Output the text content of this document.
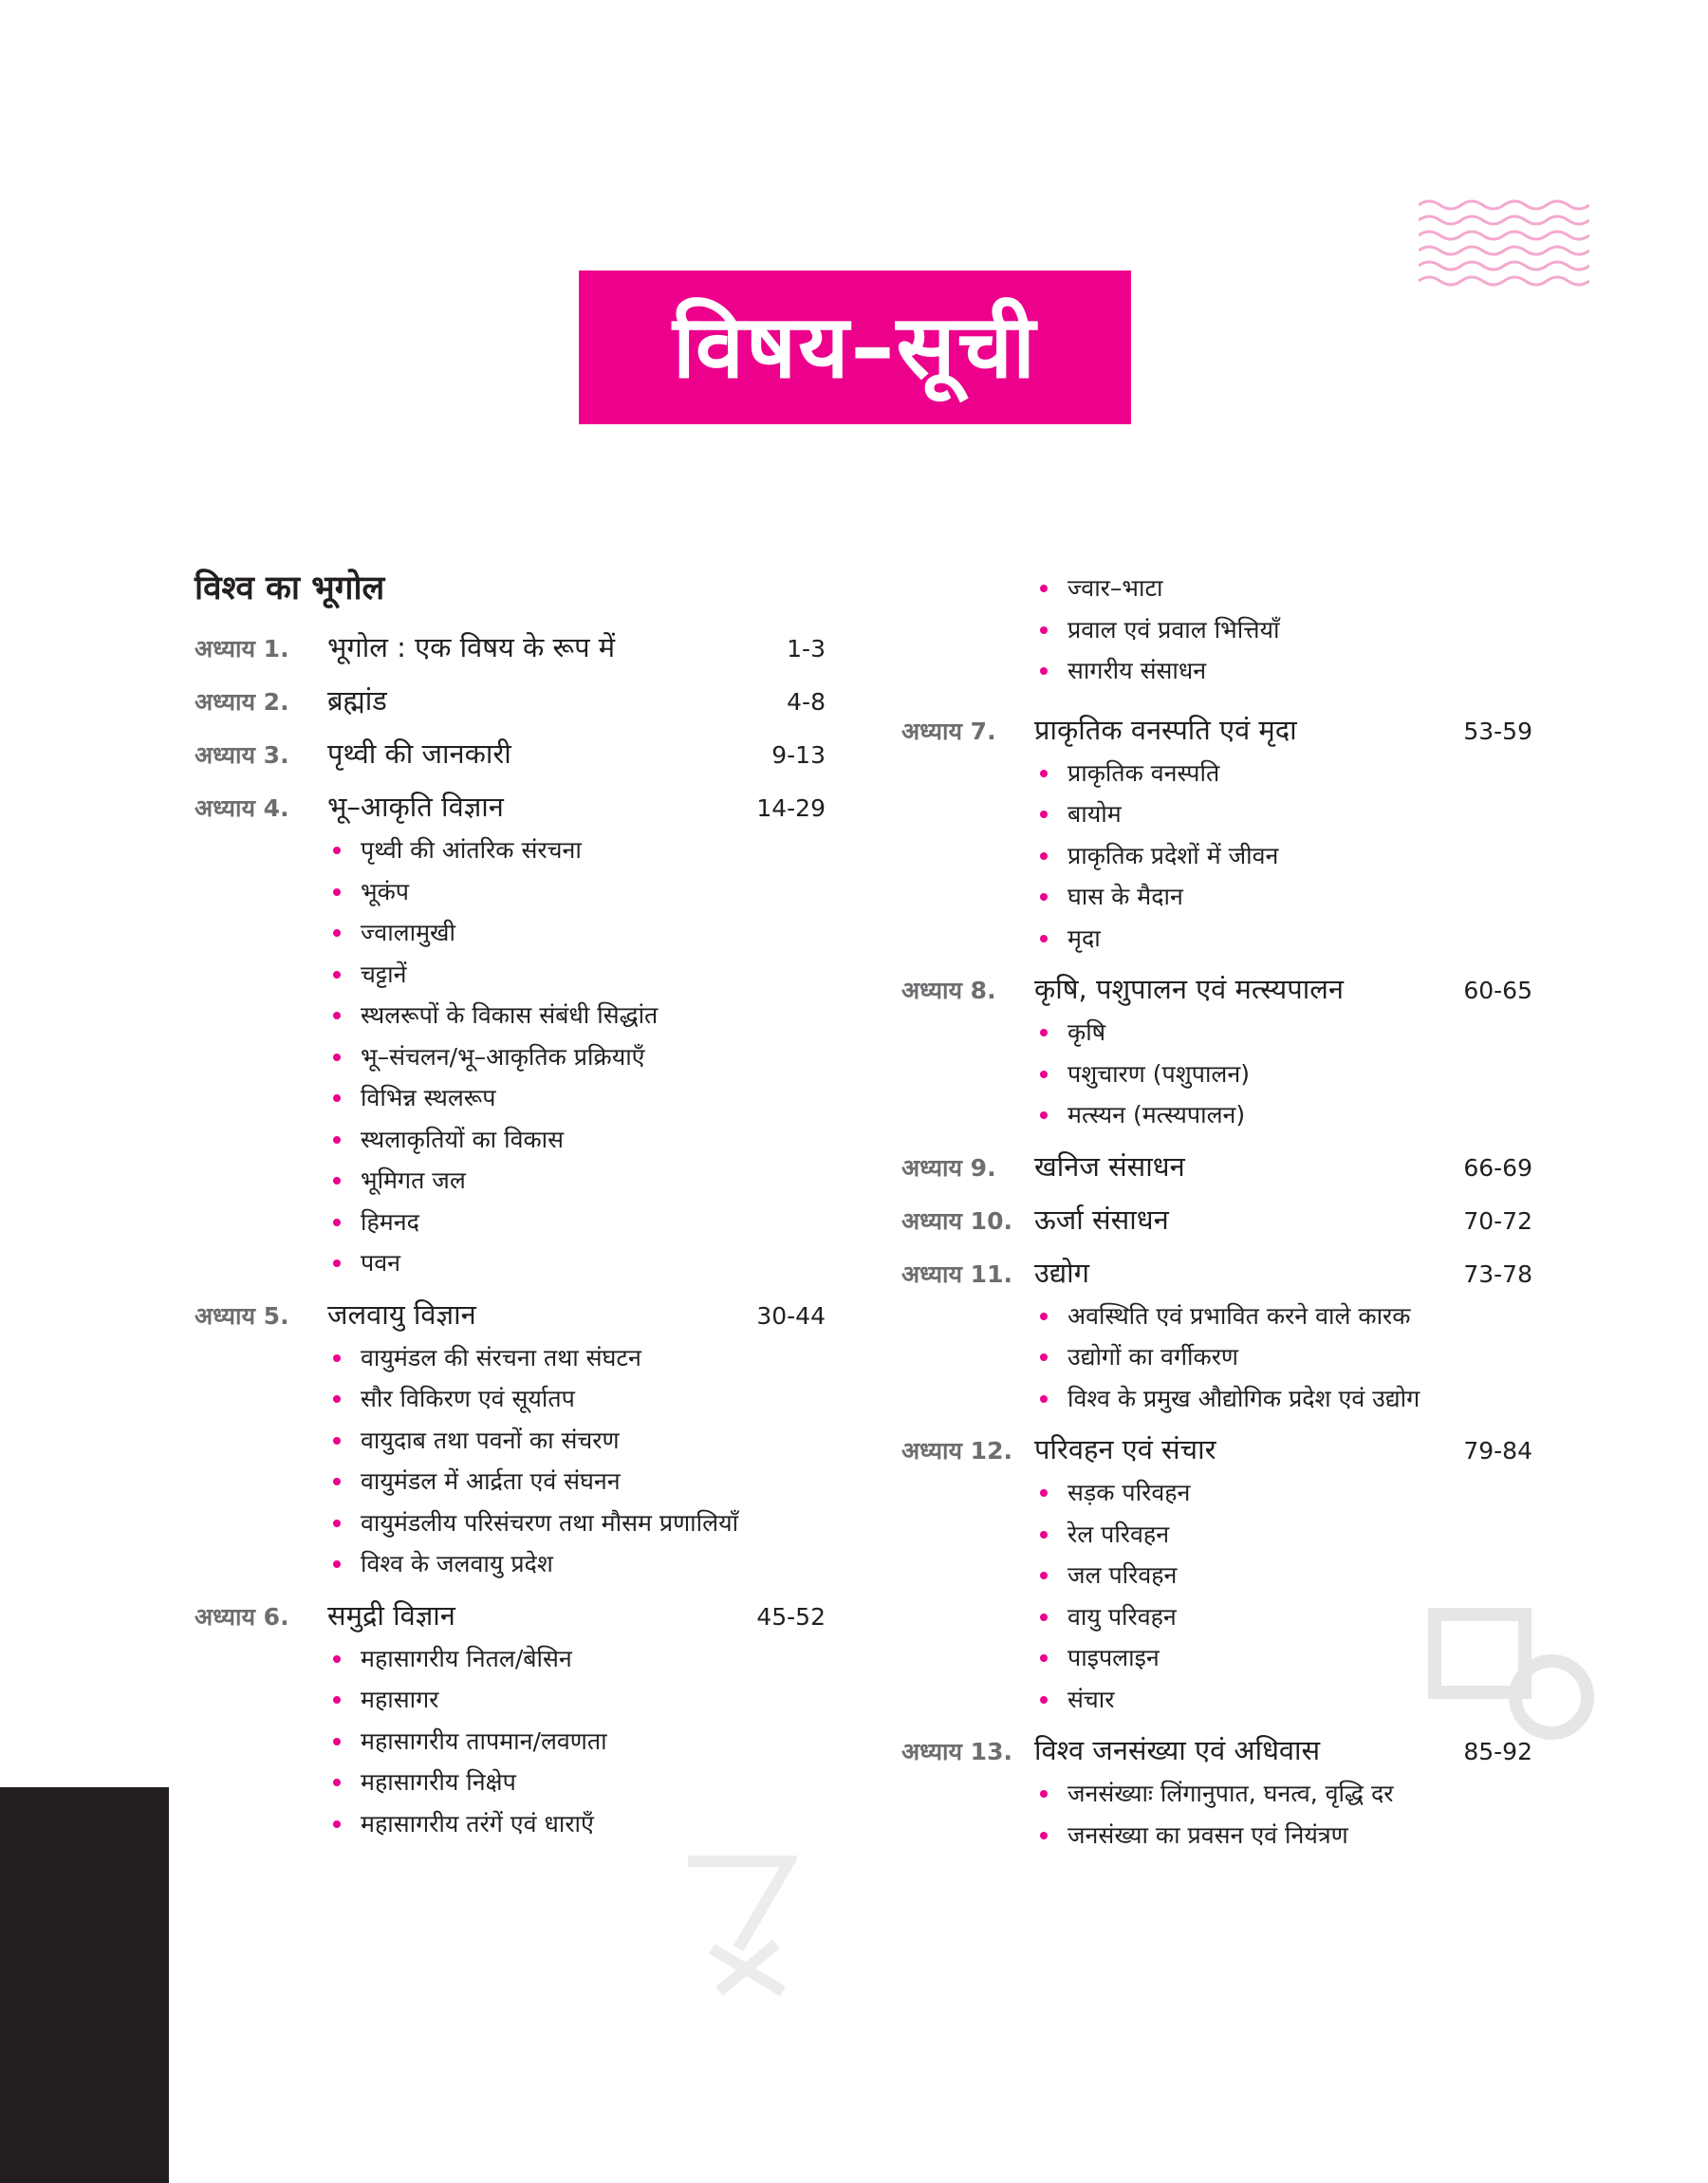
विषय–सूची
विश्व का भूगोल
अध्याय 1.	भूगोल : एक विषय के रूप में	1-3
अध्याय 2.	ब्रह्मांड	4-8
अध्याय 3.	पृथ्वी की जानकारी	9-13
अध्याय 4.	भू–आकृति विज्ञान	14-29
पृथ्वी की आंतरिक संरचना
भूकंप
ज्वालामुखी
चट्टानें
स्थलरूपों के विकास संबंधी सिद्धांत
भू–संचलन/भू–आकृतिक प्रक्रियाएँ
विभिन्न स्थलरूप
स्थलाकृतियों का विकास
भूमिगत जल
हिमनद
पवन
अध्याय 5.	जलवायु विज्ञान	30-44
वायुमंडल की संरचना तथा संघटन
सौर विकिरण एवं सूर्यातप
वायुदाब तथा पवनों का संचरण
वायुमंडल में आर्द्रता एवं संघनन
वायुमंडलीय परिसंचरण तथा मौसम प्रणालियाँ
विश्व के जलवायु प्रदेश
अध्याय 6.	समुद्री विज्ञान	45-52
महासागरीय नितल/बेसिन
महासागर
महासागरीय तापमान/लवणता
महासागरीय निक्षेप
महासागरीय तरंगें एवं धाराएँ
ज्वार–भाटा
प्रवाल एवं प्रवाल भित्तियाँ
सागरीय संसाधन
अध्याय 7.	प्राकृतिक वनस्पति एवं मृदा	53-59
प्राकृतिक वनस्पति
बायोम
प्राकृतिक प्रदेशों में जीवन
घास के मैदान
मृदा
अध्याय 8.	कृषि, पशुपालन एवं मत्स्यपालन	60-65
कृषि
पशुचारण (पशुपालन)
मत्स्यन (मत्स्यपालन)
अध्याय 9.	खनिज संसाधन	66-69
अध्याय 10. ऊर्जा संसाधन	70-72
अध्याय 11. उद्योग	73-78
अवस्थिति एवं प्रभावित करने वाले कारक
उद्योगों का वर्गीकरण
विश्व के प्रमुख औद्योगिक प्रदेश एवं उद्योग
अध्याय 12. परिवहन एवं संचार	79-84
सड़क परिवहन
रेल परिवहन
जल परिवहन
वायु परिवहन
पाइपलाइन
संचार
अध्याय 13. विश्व जनसंख्या एवं अधिवास	85-92
जनसंख्याः लिंगानुपात, घनत्व, वृद्धि दर
जनसंख्या का प्रवसन एवं नियंत्रण
